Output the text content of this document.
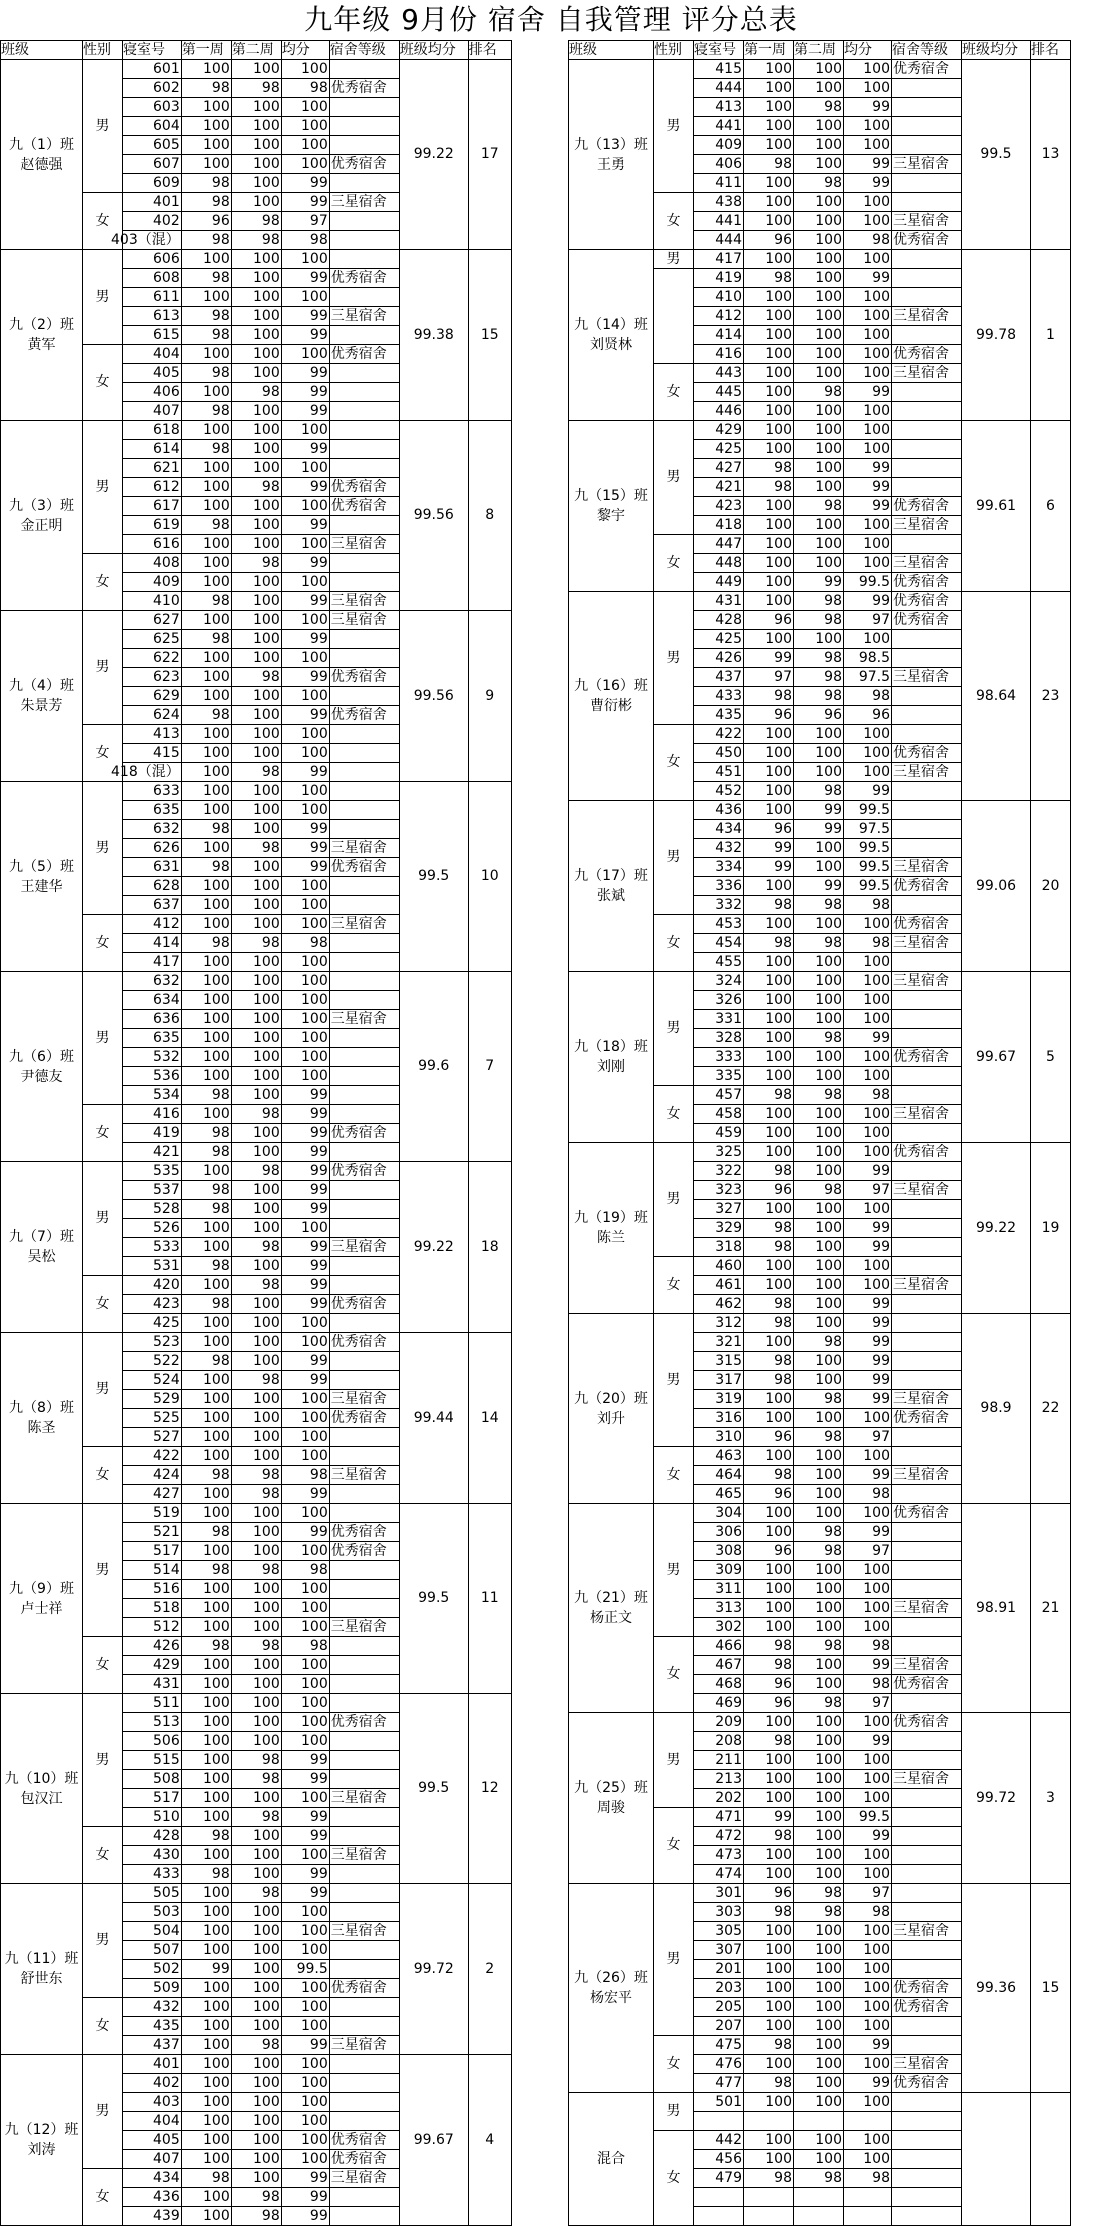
九年级 9月份 宿舍 自我管理 评分总表
班级	性别	寝室号	第一周	第二周	均分	宿舍等级	班级均分	排名

九（1）班
赵德强	男	601	100	100	100		99.22	17
		602	98	98	98	优秀宿舍		
		603	100	100	100			
		604	100	100	100			
		605	100	100	100			
		607	100	100	100	优秀宿舍		
		609	98	100	99			
	女	401	98	100	99	三星宿舍		
		402	96	98	97			
		403（混）	98	98	98			

九（2）班
黄军	男	606	100	100	100		99.38	15
		608	98	100	99	优秀宿舍		
		611	100	100	100			
		613	98	100	99	三星宿舍		
		615	98	100	99			
	女	404	100	100	100	优秀宿舍		
		405	98	100	99			
		406	100	98	99			
		407	98	100	99			

九（3）班
金正明	男	618	100	100	100		99.56	8
		614	98	100	99			
		621	100	100	100			
		612	100	98	99	优秀宿舍		
		617	100	100	100	优秀宿舍		
		619	98	100	99			
		616	100	100	100	三星宿舍		
	女	408	100	98	99			
		409	100	100	100			
		410	98	100	99	三星宿舍		

九（4）班
朱景芳	男	627	100	100	100	三星宿舍	99.56	9
		625	98	100	99			
		622	100	100	100			
		623	100	98	99	优秀宿舍		
		629	100	100	100			
		624	98	100	99	优秀宿舍		
	女	413	100	100	100			
		415	100	100	100			
		418（混）	100	98	99			

九（5）班
王建华	男	633	100	100	100		99.5	10
		635	100	100	100			
		632	98	100	99			
		626	100	98	99	三星宿舍		
		631	98	100	99	优秀宿舍		
		628	100	100	100			
		637	100	100	100			
	女	412	100	100	100	三星宿舍		
		414	98	98	98			
		417	100	100	100			

九（6）班
尹德友	男	632	100	100	100		99.6	7
		634	100	100	100			
		636	100	100	100	三星宿舍		
		635	100	100	100			
		532	100	100	100			
		536	100	100	100			
		534	98	100	99			
	女	416	100	98	99			
		419	98	100	99	优秀宿舍		
		421	98	100	99			

九（7）班
吴松	男	535	100	98	99	优秀宿舍	99.22	18
		537	98	100	99			
		528	98	100	99			
		526	100	100	100			
		533	100	98	99	三星宿舍		
		531	98	100	99			
	女	420	100	98	99			
		423	98	100	99	优秀宿舍		
		425	100	100	100			

九（8）班
陈圣	男	523	100	100	100	优秀宿舍	99.44	14
		522	98	100	99			
		524	100	98	99			
		529	100	100	100	三星宿舍		
		525	100	100	100	优秀宿舍		
		527	100	100	100			
	女	422	100	100	100			
		424	98	98	98	三星宿舍		
		427	100	98	99			

九（9）班
卢士祥	男	519	100	100	100		99.5	11
		521	98	100	99	优秀宿舍		
		517	100	100	100	优秀宿舍		
		514	98	98	98			
		516	100	100	100			
		518	100	100	100			
		512	100	100	100	三星宿舍		
	女	426	98	98	98			
		429	100	100	100			
		431	100	100	100			

九（10）班
包汉江	男	511	100	100	100		99.5	12
		513	100	100	100	优秀宿舍		
		506	100	100	100			
		515	100	98	99			
		508	100	98	99			
		517	100	100	100	三星宿舍		
		510	100	98	99			
	女	428	98	100	99			
		430	100	100	100	三星宿舍		
		433	98	100	99			

九（11）班
舒世东	男	505	100	98	99		99.72	2
		503	100	100	100			
		504	100	100	100	三星宿舍		
		507	100	100	100			
		502	99	100	99.5			
		509	100	100	100	优秀宿舍		
	女	432	100	100	100			
		435	100	100	100			
		437	100	98	99	三星宿舍		

九（12）班
刘涛	男	401	100	100	100		99.67	4
		402	100	100	100			
		403	100	100	100			
		404	100	100	100			
		405	100	100	100	优秀宿舍		
		407	100	100	100	优秀宿舍		
	女	434	98	100	99	三星宿舍		
		436	100	98	99			
		439	100	98	99			
班级	性别	寝室号	第一周	第二周	均分	宿舍等级	班级均分	排名

九（13）班
王勇	男	415	100	100	100	优秀宿舍	99.5	13
		444	100	100	100			
		413	100	98	99			
		441	100	100	100			
		409	100	100	100			
		406	98	100	99	三星宿舍		
		411	100	98	99			
	女	438	100	100	100			
		441	100	100	100	三星宿舍		
		444	96	100	98	优秀宿舍		

九（14）班
刘贤林	男	417	100	100	100		99.78	1
		419	98	100	99			
		410	100	100	100			
		412	100	100	100	三星宿舍		
		414	100	100	100			
		416	100	100	100	优秀宿舍		
	女	443	100	100	100	三星宿舍		
		445	100	98	99			
		446	100	100	100			

九（15）班
黎宇	男	429	100	100	100		99.61	6
		425	100	100	100			
		427	98	100	99			
		421	98	100	99			
		423	100	98	99	优秀宿舍		
		418	100	100	100	三星宿舍		
	女	447	100	100	100			
		448	100	100	100	三星宿舍		
		449	100	99	99.5	优秀宿舍		

九（16）班
曹衍彬	男	431	100	98	99	优秀宿舍	98.64	23
		428	96	98	97	优秀宿舍		
		425	100	100	100			
		426	99	98	98.5			
		437	97	98	97.5	三星宿舍		
		433	98	98	98			
		435	96	96	96			
	女	422	100	100	100			
		450	100	100	100	优秀宿舍		
		451	100	100	100	三星宿舍		
		452	100	98	99			

九（17）班
张斌	男	436	100	99	99.5		99.06	20
		434	96	99	97.5			
		432	99	100	99.5			
		334	99	100	99.5	三星宿舍		
		336	100	99	99.5	优秀宿舍		
		332	98	98	98			
	女	453	100	100	100	优秀宿舍		
		454	98	98	98	三星宿舍		
		455	100	100	100			

九（18）班
刘刚	男	324	100	100	100	三星宿舍	99.67	5
		326	100	100	100			
		331	100	100	100			
		328	100	98	99			
		333	100	100	100	优秀宿舍		
		335	100	100	100			
	女	457	98	98	98			
		458	100	100	100	三星宿舍		
		459	100	100	100			

九（19）班
陈兰	男	325	100	100	100	优秀宿舍	99.22	19
		322	98	100	99			
		323	96	98	97	三星宿舍		
		327	100	100	100			
		329	98	100	99			
		318	98	100	99			
	女	460	100	100	100			
		461	100	100	100	三星宿舍		
		462	98	100	99			

九（20）班
刘升	男	312	98	100	99		98.9	22
		321	100	98	99			
		315	98	100	99			
		317	98	100	99			
		319	100	98	99	三星宿舍		
		316	100	100	100	优秀宿舍		
		310	96	98	97			
	女	463	100	100	100			
		464	98	100	99	三星宿舍		
		465	96	100	98			

九（21）班
杨正文	男	304	100	100	100	优秀宿舍	98.91	21
		306	100	98	99			
		308	96	98	97			
		309	100	100	100			
		311	100	100	100			
		313	100	100	100	三星宿舍		
		302	100	100	100			
	女	466	98	98	98			
		467	98	100	99	三星宿舍		
		468	96	100	98	优秀宿舍		
		469	96	98	97			

九（25）班
周骏	男	209	100	100	100	优秀宿舍	99.72	3
		208	98	100	99			
		211	100	100	100			
		213	100	100	100	三星宿舍		
		202	100	100	100			
	女	471	99	100	99.5			
		472	98	100	99			
		473	100	100	100			
		474	100	100	100			

九（26）班
杨宏平	男	301	96	98	97		99.36	15
		303	98	98	98			
		305	100	100	100	三星宿舍		
		307	100	100	100			
		201	100	100	100			
		203	100	100	100	优秀宿舍		
		205	100	100	100	优秀宿舍		
		207	100	100	100			
	女	475	98	100	99			
		476	100	100	100	三星宿舍		
		477	98	100	99	优秀宿舍		

混合	男	501	100	100	100			

	女	442	100	100	100			
		456	100	100	100			
		479	98	98	98			
